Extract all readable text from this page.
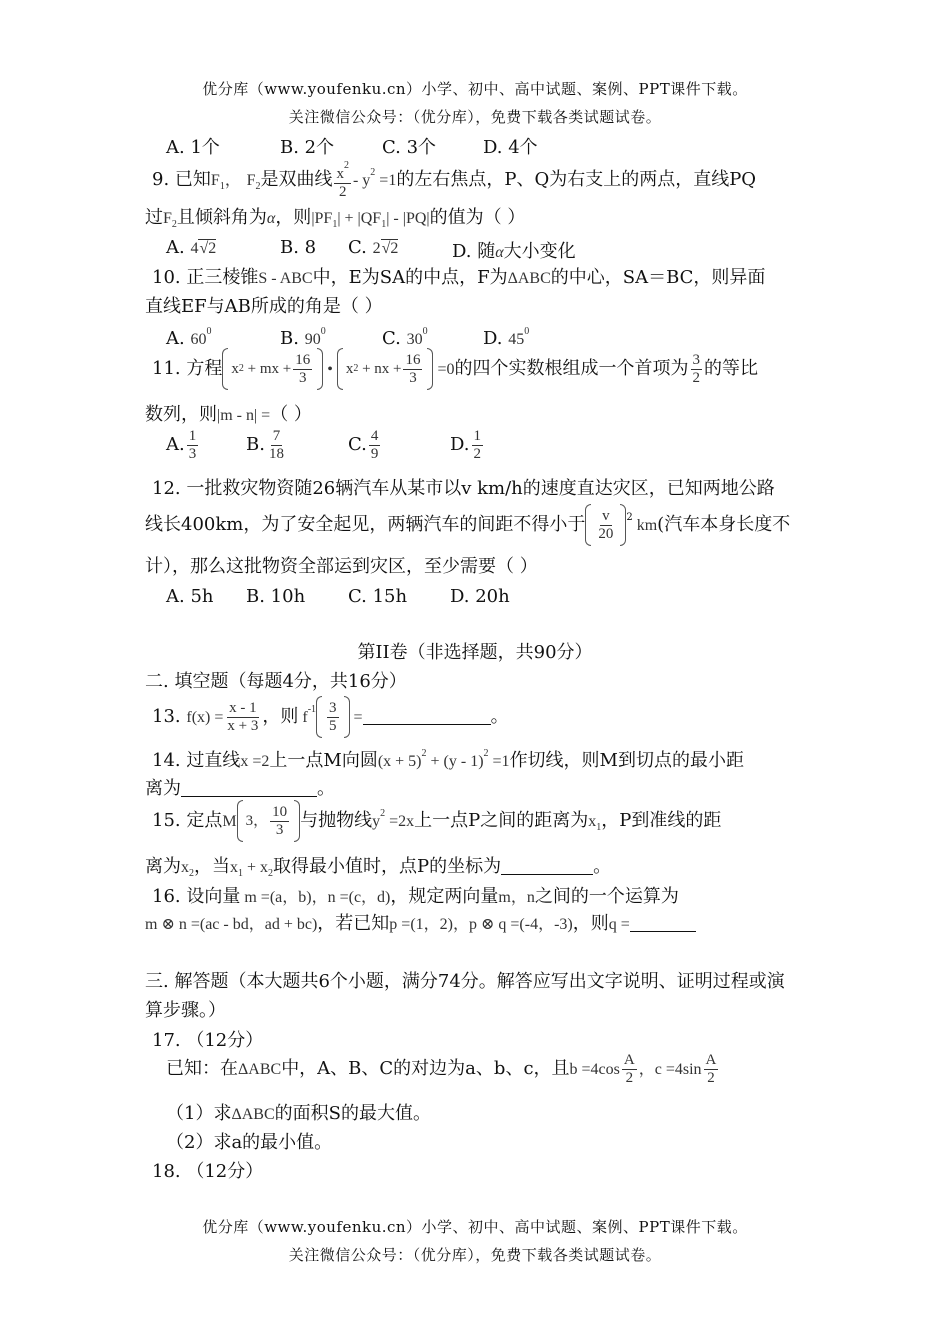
优分库（www.youfenku.cn）小学、初中、高中试题、案例、PPT课件下载。
关注微信公众号：（优分库），免费下载各类试题试卷。
A. 1个	B. 2个	C. 3个	D. 4个
9. 已知$F_1$， $F_2$是双曲线 $\frac{x^2}{2} - y^2 =1$的左右焦点，P、Q为右支上的两点，直线PQ
过$F_2$且倾斜角为α，则$|PF_1| + |QF_1| - |PQ|$的值为（ ）
A. 4√2	B. 8 C. 2√2	D. 随α大小变化
10. 正三棱锥S - ABC中，E为SA的中点，F为ΔABC的中心，SA＝BC，则异面
直线EF与AB所成的角是（ ）
A. $60^0$	B. $90^0$	C. $30^0$	D. $45^0$
11. 方程 x 2 + mx + $\frac{16}{3}$ •
x 2 + nx + $\frac{16}{3} =0$的四个实数根组成一个首项为 $\frac{3}{2}$ 的等比
数列，则|m - n| =（ ）
A. $\frac{1}{3}$	B. $\frac{7}{18}$	C. $\frac{4}{9}$	D. $\frac{1}{2}$
12. 一批救灾物资随26辆汽车从某市以v km/h的速度直达灾区，已知两地公路
线长400km，为了安全起见，两辆汽车的间距不得小于 $\frac{v}{20} ^2$ km(汽车本身长度不
计），那么这批物资全部运到灾区，至少需要（ ）
A. 5h B. 10h C. 15h D. 20h
第II卷（非选择题，共90分）
二. 填空题（每题4分，共16分）
13. $f(x) = \frac{x - 1}{x + 3}$ ，则 $f^{-1} \frac{3}{5}$ =	。
14. 过直线x =2上一点M向圆$(x + 5)^2 + (y - 1)^2 =1$作切线，则M到切点的最小距
离为	。
15. 定点M 3， $\frac{10}{3}$ 与抛物线$y^2 =2x$上一点P之间的距离为$x_1$，P到准线的距
离为$x_2$，当$x_1 + x_2$取得最小值时，点P的坐标为	。
16. 设向量 m =(a，b)，n =(c，d)，规定两向量m，n之间的一个运算为
m ⊗ n =(ac - bd，ad + bc)，若已知p =(1，2)，p ⊗ q =(-4，-3)，则q =
三. 解答题（本大题共6个小题，满分74分。解答应写出文字说明、证明过程或演
算步骤。）
17. （12分）
已知：在ΔABC中，A、B、C的对边为a、b、c，且$b =4\cos \frac{A}{2}$ ，$c =4\sin \frac{A}{2}$
（1）求ΔABC的面积S的最大值。
（2）求a的最小值。
18. （12分）
优分库（www.youfenku.cn）小学、初中、高中试题、案例、PPT课件下载。
关注微信公众号：（优分库），免费下载各类试题试卷。
